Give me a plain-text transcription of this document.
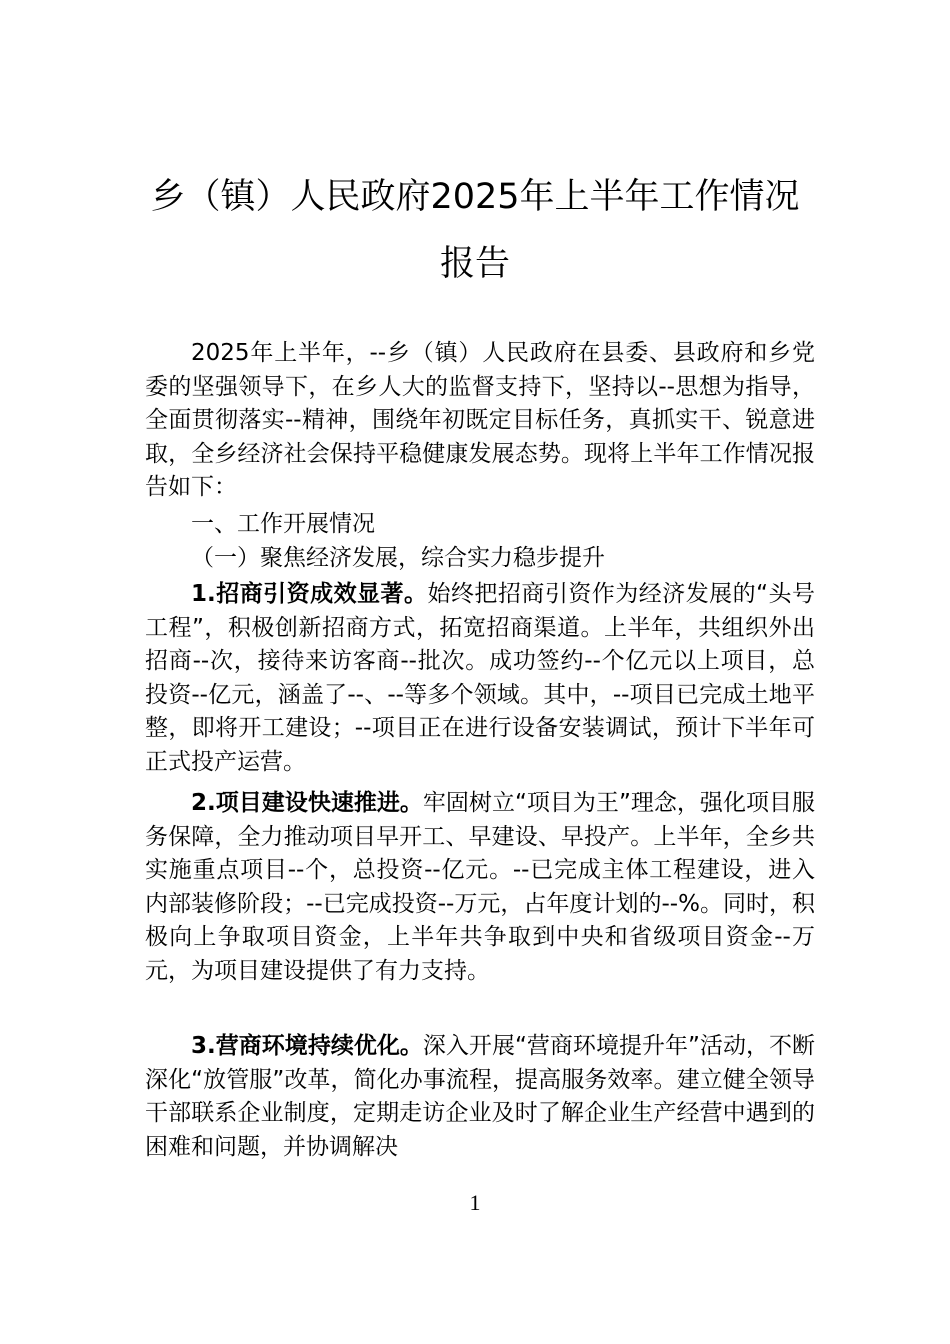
乡（镇）人民政府2025年上半年工作情况
报告

2025年上半年，--乡（镇）人民政府在县委、县政府和乡党委的坚强领导下，在乡人大的监督支持下，坚持以--思想为指导，全面贯彻落实--精神，围绕年初既定目标任务，真抓实干、锐意进取，全乡经济社会保持平稳健康发展态势。现将上半年工作情况报告如下：

一、工作开展情况

（一）聚焦经济发展，综合实力稳步提升

1.招商引资成效显著。始终把招商引资作为经济发展的“头号工程”，积极创新招商方式，拓宽招商渠道。上半年，共组织外出招商--次，接待来访客商--批次。成功签约--个亿元以上项目，总投资--亿元，涵盖了--、--等多个领域。其中，--项目已完成土地平整，即将开工建设；--项目正在进行设备安装调试，预计下半年可正式投产运营。

2.项目建设快速推进。牢固树立“项目为王”理念，强化项目服务保障，全力推动项目早开工、早建设、早投产。上半年，全乡共实施重点项目--个，总投资--亿元。--已完成主体工程建设，进入内部装修阶段；--已完成投资--万元，占年度计划的--%。同时，积极向上争取项目资金，上半年共争取到中央和省级项目资金--万元，为项目建设提供了有力支持。

3.营商环境持续优化。深入开展“营商环境提升年”活动，不断深化“放管服”改革，简化办事流程，提高服务效率。建立健全领导干部联系企业制度，定期走访企业及时了解企业生产经营中遇到的困难和问题，并协调解决

1
